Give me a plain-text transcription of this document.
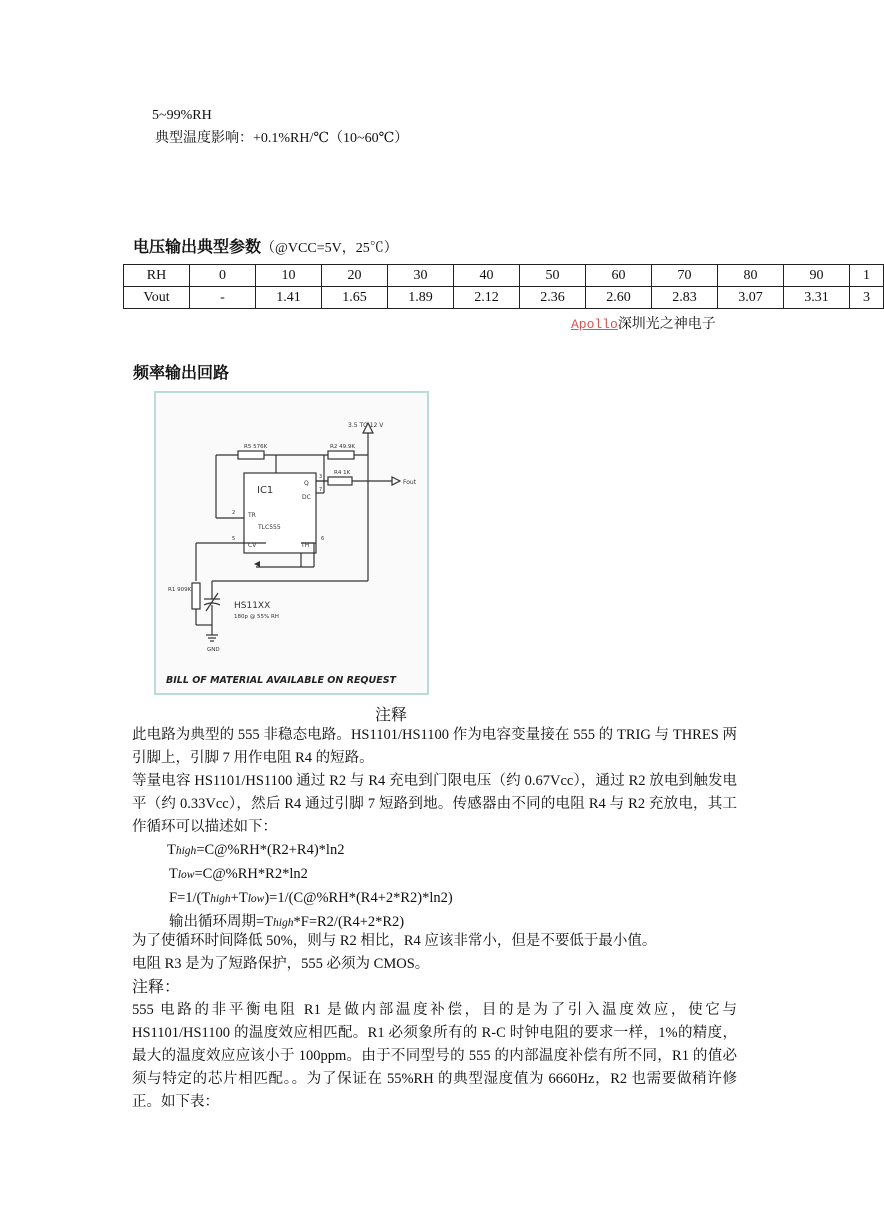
5~99%RH
典型温度影响：+0.1%RH/℃（10~60℃）
电压输出典型参数（@VCC=5V，25℃）
RH	0	10	20	30	40	50	60	70	80	90	1
Vout	-	1.41	1.65	1.89	2.12	2.36	2.60	2.83	3.07	3.31	3
Apollo深圳光之神电子
频率输出回路
3.5 TO 12 V
R5 576K	R2 49.9K
R4 1K
IC1
TLC555
Q
DC
TR
CV	TH
3
7
2
5	6
Fout
R1 909K
HS11XX
180p @ 55% RH
GND
BILL OF MATERIAL AVAILABLE ON REQUEST
注释
此电路为典型的 555 非稳态电路。HS1101/HS1100 作为电容变量接在 555 的 TRIG 与 THRES 两引脚上，引脚 7 用作电阻 R4 的短路。
等量电容 HS1101/HS1100 通过 R2 与 R4 充电到门限电压（约 0.67Vcc），通过 R2 放电到触发电平（约 0.33Vcc），然后 R4 通过引脚 7 短路到地。传感器由不同的电阻 R4 与 R2 充放电，其工作循环可以描述如下：
Thigh=C@%RH*(R2+R4)*ln2
Tlow=C@%RH*R2*ln2
F=1/(Thigh+Tlow)=1/(C@%RH*(R4+2*R2)*ln2)
输出循环周期=Thigh*F=R2/(R4+2*R2)
为了使循环时间降低 50%，则与 R2 相比，R4 应该非常小，但是不要低于最小值。
电阻 R3 是为了短路保护，555 必须为 CMOS。
注释：
555 电路的非平衡电阻 R1 是做内部温度补偿，目的是为了引入温度效应，使它与 HS1101/HS1100 的温度效应相匹配。R1 必须象所有的 R-C 时钟电阻的要求一样，1%的精度，最大的温度效应应该小于 100ppm。由于不同型号的 555 的内部温度补偿有所不同，R1 的值必须与特定的芯片相匹配。。为了保证在 55%RH 的典型湿度值为 6660Hz，R2 也需要做稍许修正。如下表：
